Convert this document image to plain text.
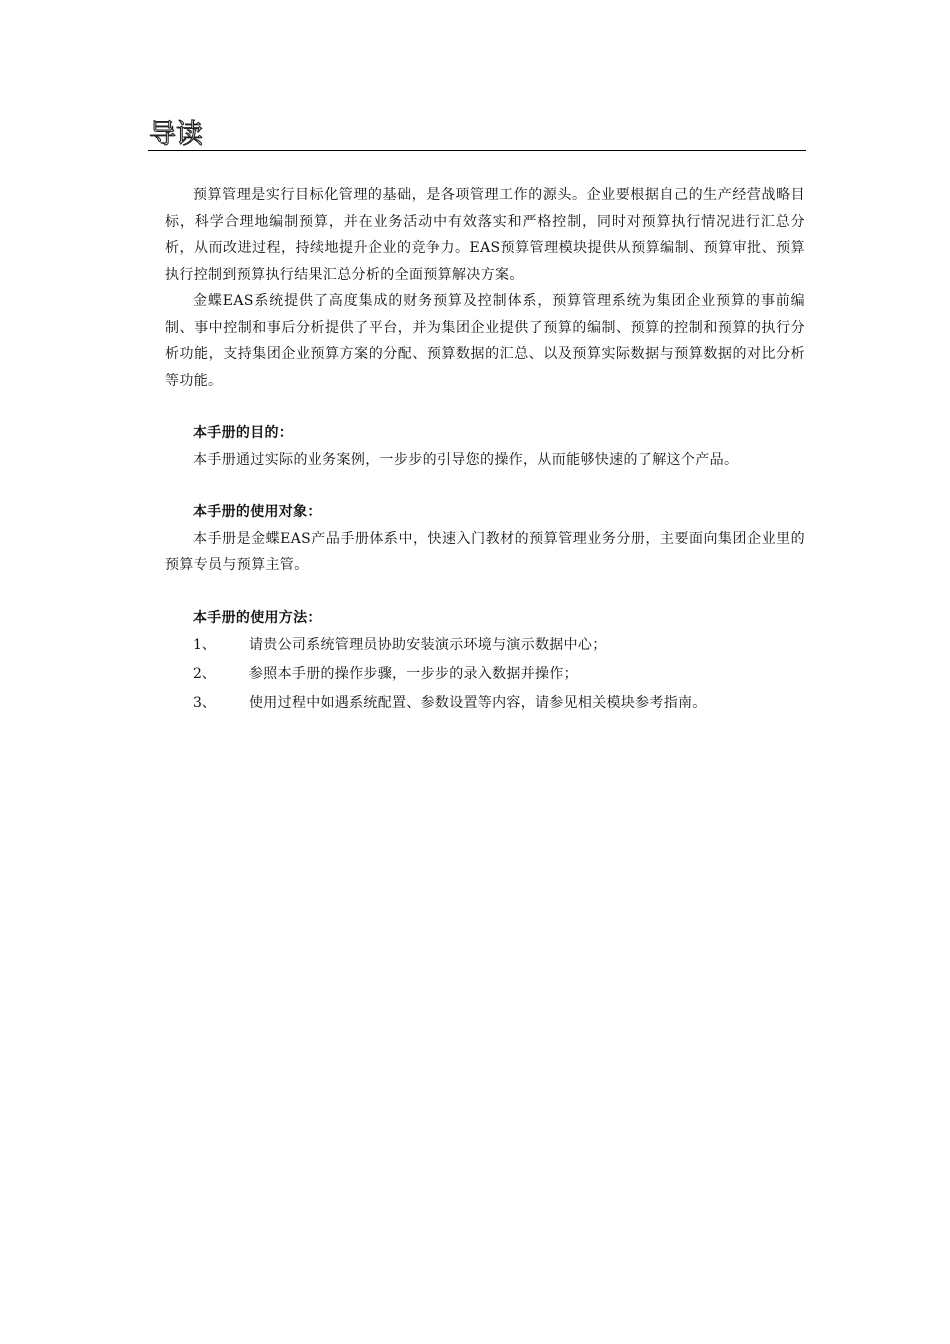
导读

预算管理是实行目标化管理的基础，是各项管理工作的源头。企业要根据自己的生产经营战略目标，科学合理地编制预算，并在业务活动中有效落实和严格控制，同时对预算执行情况进行汇总分析，从而改进过程，持续地提升企业的竞争力。EAS预算管理模块提供从预算编制、预算审批、预算执行控制到预算执行结果汇总分析的全面预算解决方案。

金蝶EAS系统提供了高度集成的财务预算及控制体系，预算管理系统为集团企业预算的事前编制、事中控制和事后分析提供了平台，并为集团企业提供了预算的编制、预算的控制和预算的执行分析功能，支持集团企业预算方案的分配、预算数据的汇总、以及预算实际数据与预算数据的对比分析等功能。

本手册的目的：

本手册通过实际的业务案例，一步步的引导您的操作，从而能够快速的了解这个产品。

本手册的使用对象：

本手册是金蝶EAS产品手册体系中，快速入门教材的预算管理业务分册，主要面向集团企业里的预算专员与预算主管。

本手册的使用方法：

1、	请贵公司系统管理员协助安装演示环境与演示数据中心；
2、	参照本手册的操作步骤，一步步的录入数据并操作；
3、	使用过程中如遇系统配置、参数设置等内容，请参见相关模块参考指南。
